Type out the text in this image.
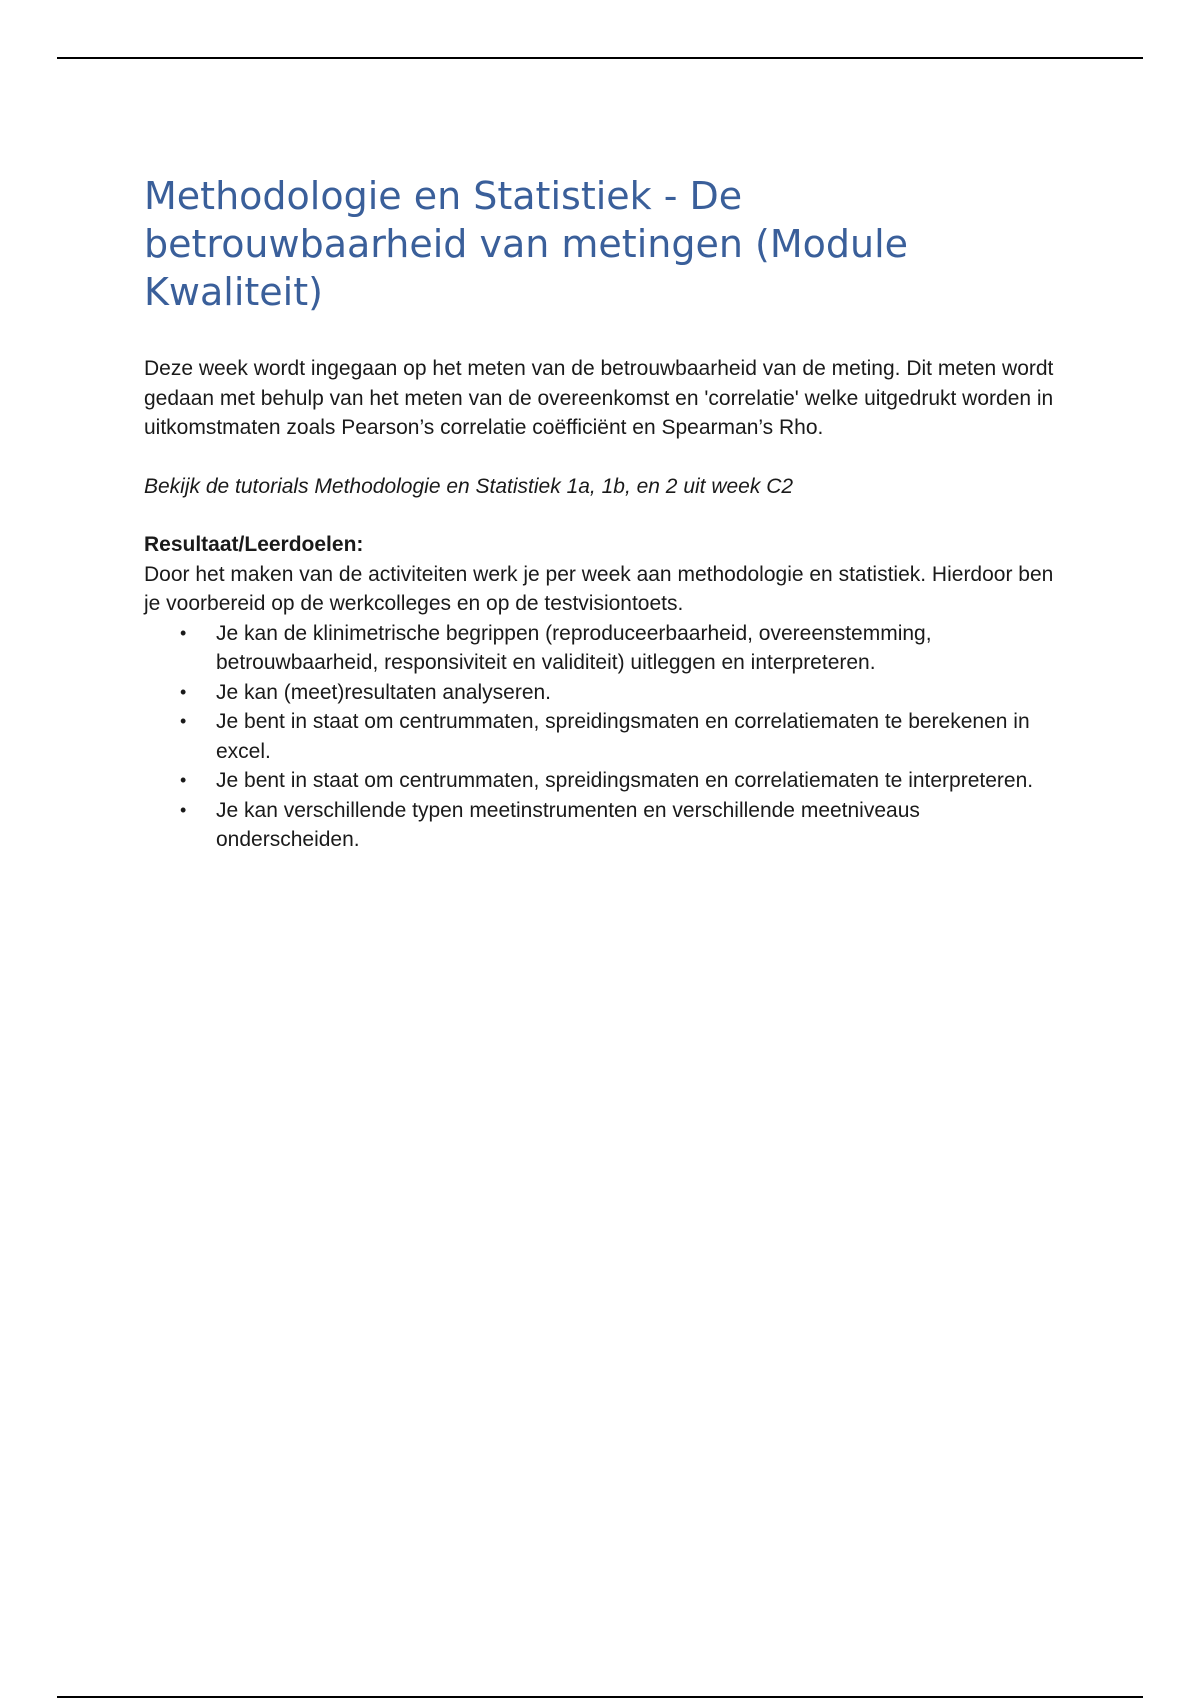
Methodologie en Statistiek - De betrouwbaarheid van metingen (Module Kwaliteit)

Deze week wordt ingegaan op het meten van de betrouwbaarheid van de meting. Dit meten wordt gedaan met behulp van het meten van de overeenkomst en 'correlatie' welke uitgedrukt worden in uitkomstmaten zoals Pearson’s correlatie coëfficiënt en Spearman’s Rho.

Bekijk de tutorials Methodologie en Statistiek 1a, 1b, en 2 uit week C2

Resultaat/Leerdoelen:

Door het maken van de activiteiten werk je per week aan methodologie en statistiek. Hierdoor ben je voorbereid op de werkcolleges en op de testvisiontoets.

• Je kan de klinimetrische begrippen (reproduceerbaarheid, overeenstemming, betrouwbaarheid, responsiviteit en validiteit) uitleggen en interpreteren.
• Je kan (meet)resultaten analyseren.
• Je bent in staat om centrummaten, spreidingsmaten en correlatiematen te berekenen in excel.
• Je bent in staat om centrummaten, spreidingsmaten en correlatiematen te interpreteren.
• Je kan verschillende typen meetinstrumenten en verschillende meetniveaus onderscheiden.
